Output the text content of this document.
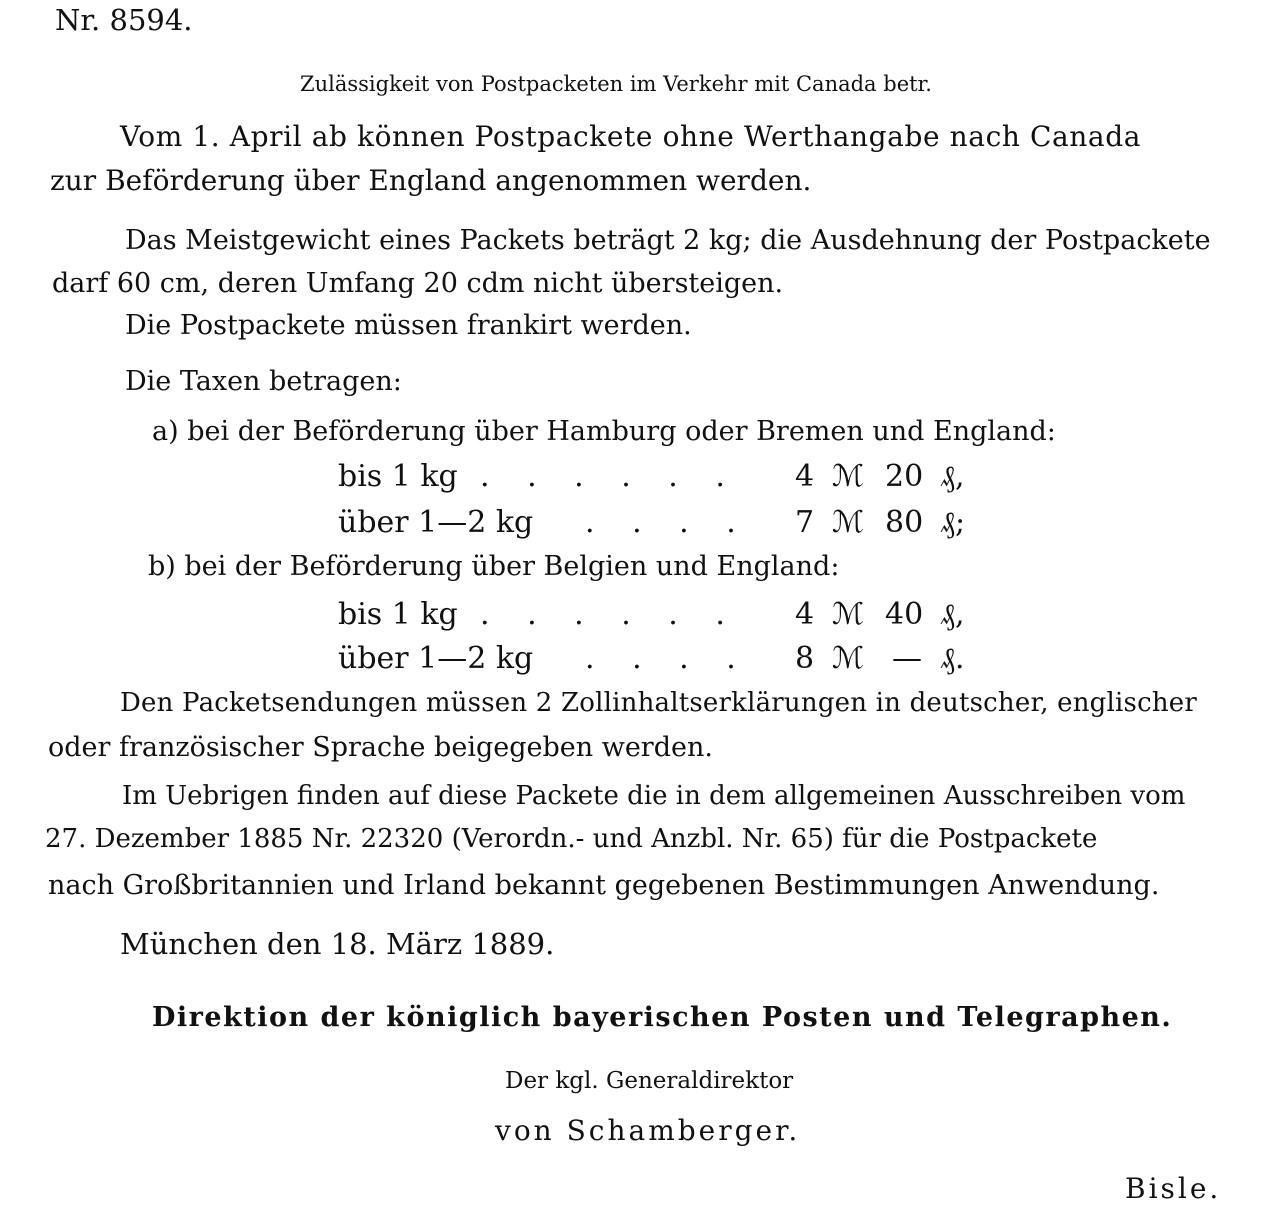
Nr. 8594.
Zulässigkeit von Postpacketen im Verkehr mit Canada betr.
Vom 1. April ab können Postpackete ohne Werthangabe nach Canada
zur Beförderung über England angenommen werden.
Das Meistgewicht eines Packets beträgt 2 kg; die Ausdehnung der Postpackete
darf 60 cm, deren Umfang 20 cdm nicht übersteigen.
Die Postpackete müssen frankirt werden.
Die Taxen betragen:
a) bei der Beförderung über Hamburg oder Bremen und England:
bis 1 kg . . . . . . 4 ℳ 20 ₰,
über 1—2 kg . . . . 7 ℳ 80 ₰;
b) bei der Beförderung über Belgien und England:
bis 1 kg . . . . . . 4 ℳ 40 ₰,
über 1—2 kg . . . . 8 ℳ — ₰.
Den Packetsendungen müssen 2 Zollinhaltserklärungen in deutscher, englischer
oder französischer Sprache beigegeben werden.
Im Uebrigen finden auf diese Packete die in dem allgemeinen Ausschreiben vom
27. Dezember 1885 Nr. 22320 (Verordn.- und Anzbl. Nr. 65) für die Postpackete
nach Großbritannien und Irland bekannt gegebenen Bestimmungen Anwendung.
München den 18. März 1889.
Direktion der königlich bayerischen Posten und Telegraphen.
Der kgl. Generaldirektor
von Schamberger.
Bisle.
